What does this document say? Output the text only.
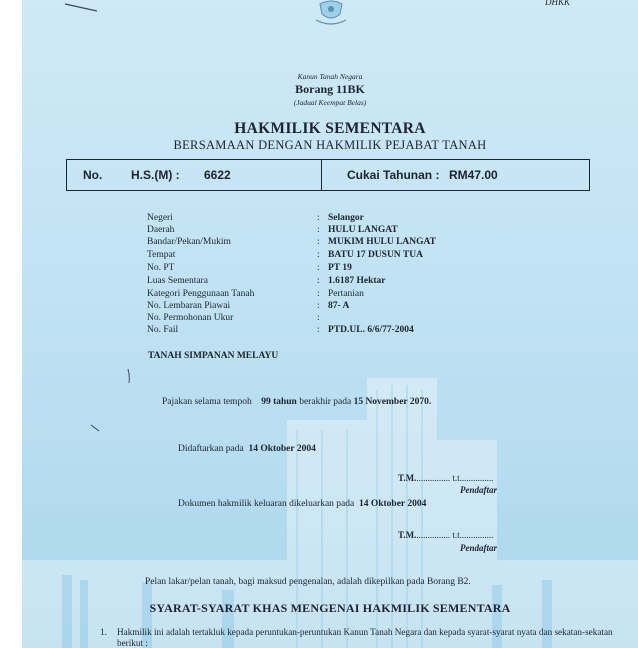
DHKK
Kanun Tanah Negara
Borang 11BK
(Jadual Keempat Belas)
HAKMILIK SEMENTARA
BERSAMAAN DENGAN HAKMILIK PEJABAT TANAH
No. H.S.(M) : 6622	Cukai Tahunan : RM47.00
Negeri	: Selangor
Daerah	: HULU LANGAT
Bandar/Pekan/Mukim	: MUKIM HULU LANGAT
Tempat	: BATU 17 DUSUN TUA
No. PT	: PT 19
Luas Sementara	: 1.6187 Hektar
Kategori Penggunaan Tanah	: Pertanian
No. Lembaran Piawai	: 87- A
No. Permohonan Ukur	:
No. Fail	: PTD.UL. 6/6/77-2004
TANAH SIMPANAN MELAYU
Pajakan selama tempoh 99 tahun berakhir pada 15 November 2070.
Didaftarkan pada 14 Oktober 2004
T.M................ t.t...............
Pendaftar
Dokumen hakmilik keluaran dikeluarkan pada 14 Oktober 2004
T.M................ t.t...............
Pendaftar
Pelan lakar/pelan tanah, bagi maksud pengenalan, adalah dikepilkan pada Borang B2.
SYARAT-SYARAT KHAS MENGENAI HAKMILIK SEMENTARA
1. Hakmilik ini adalah tertakluk kepada peruntukan-peruntukan Kanun Tanah Negara dan kepada syarat-syarat nyata dan sekatan-sekatan berikut :
